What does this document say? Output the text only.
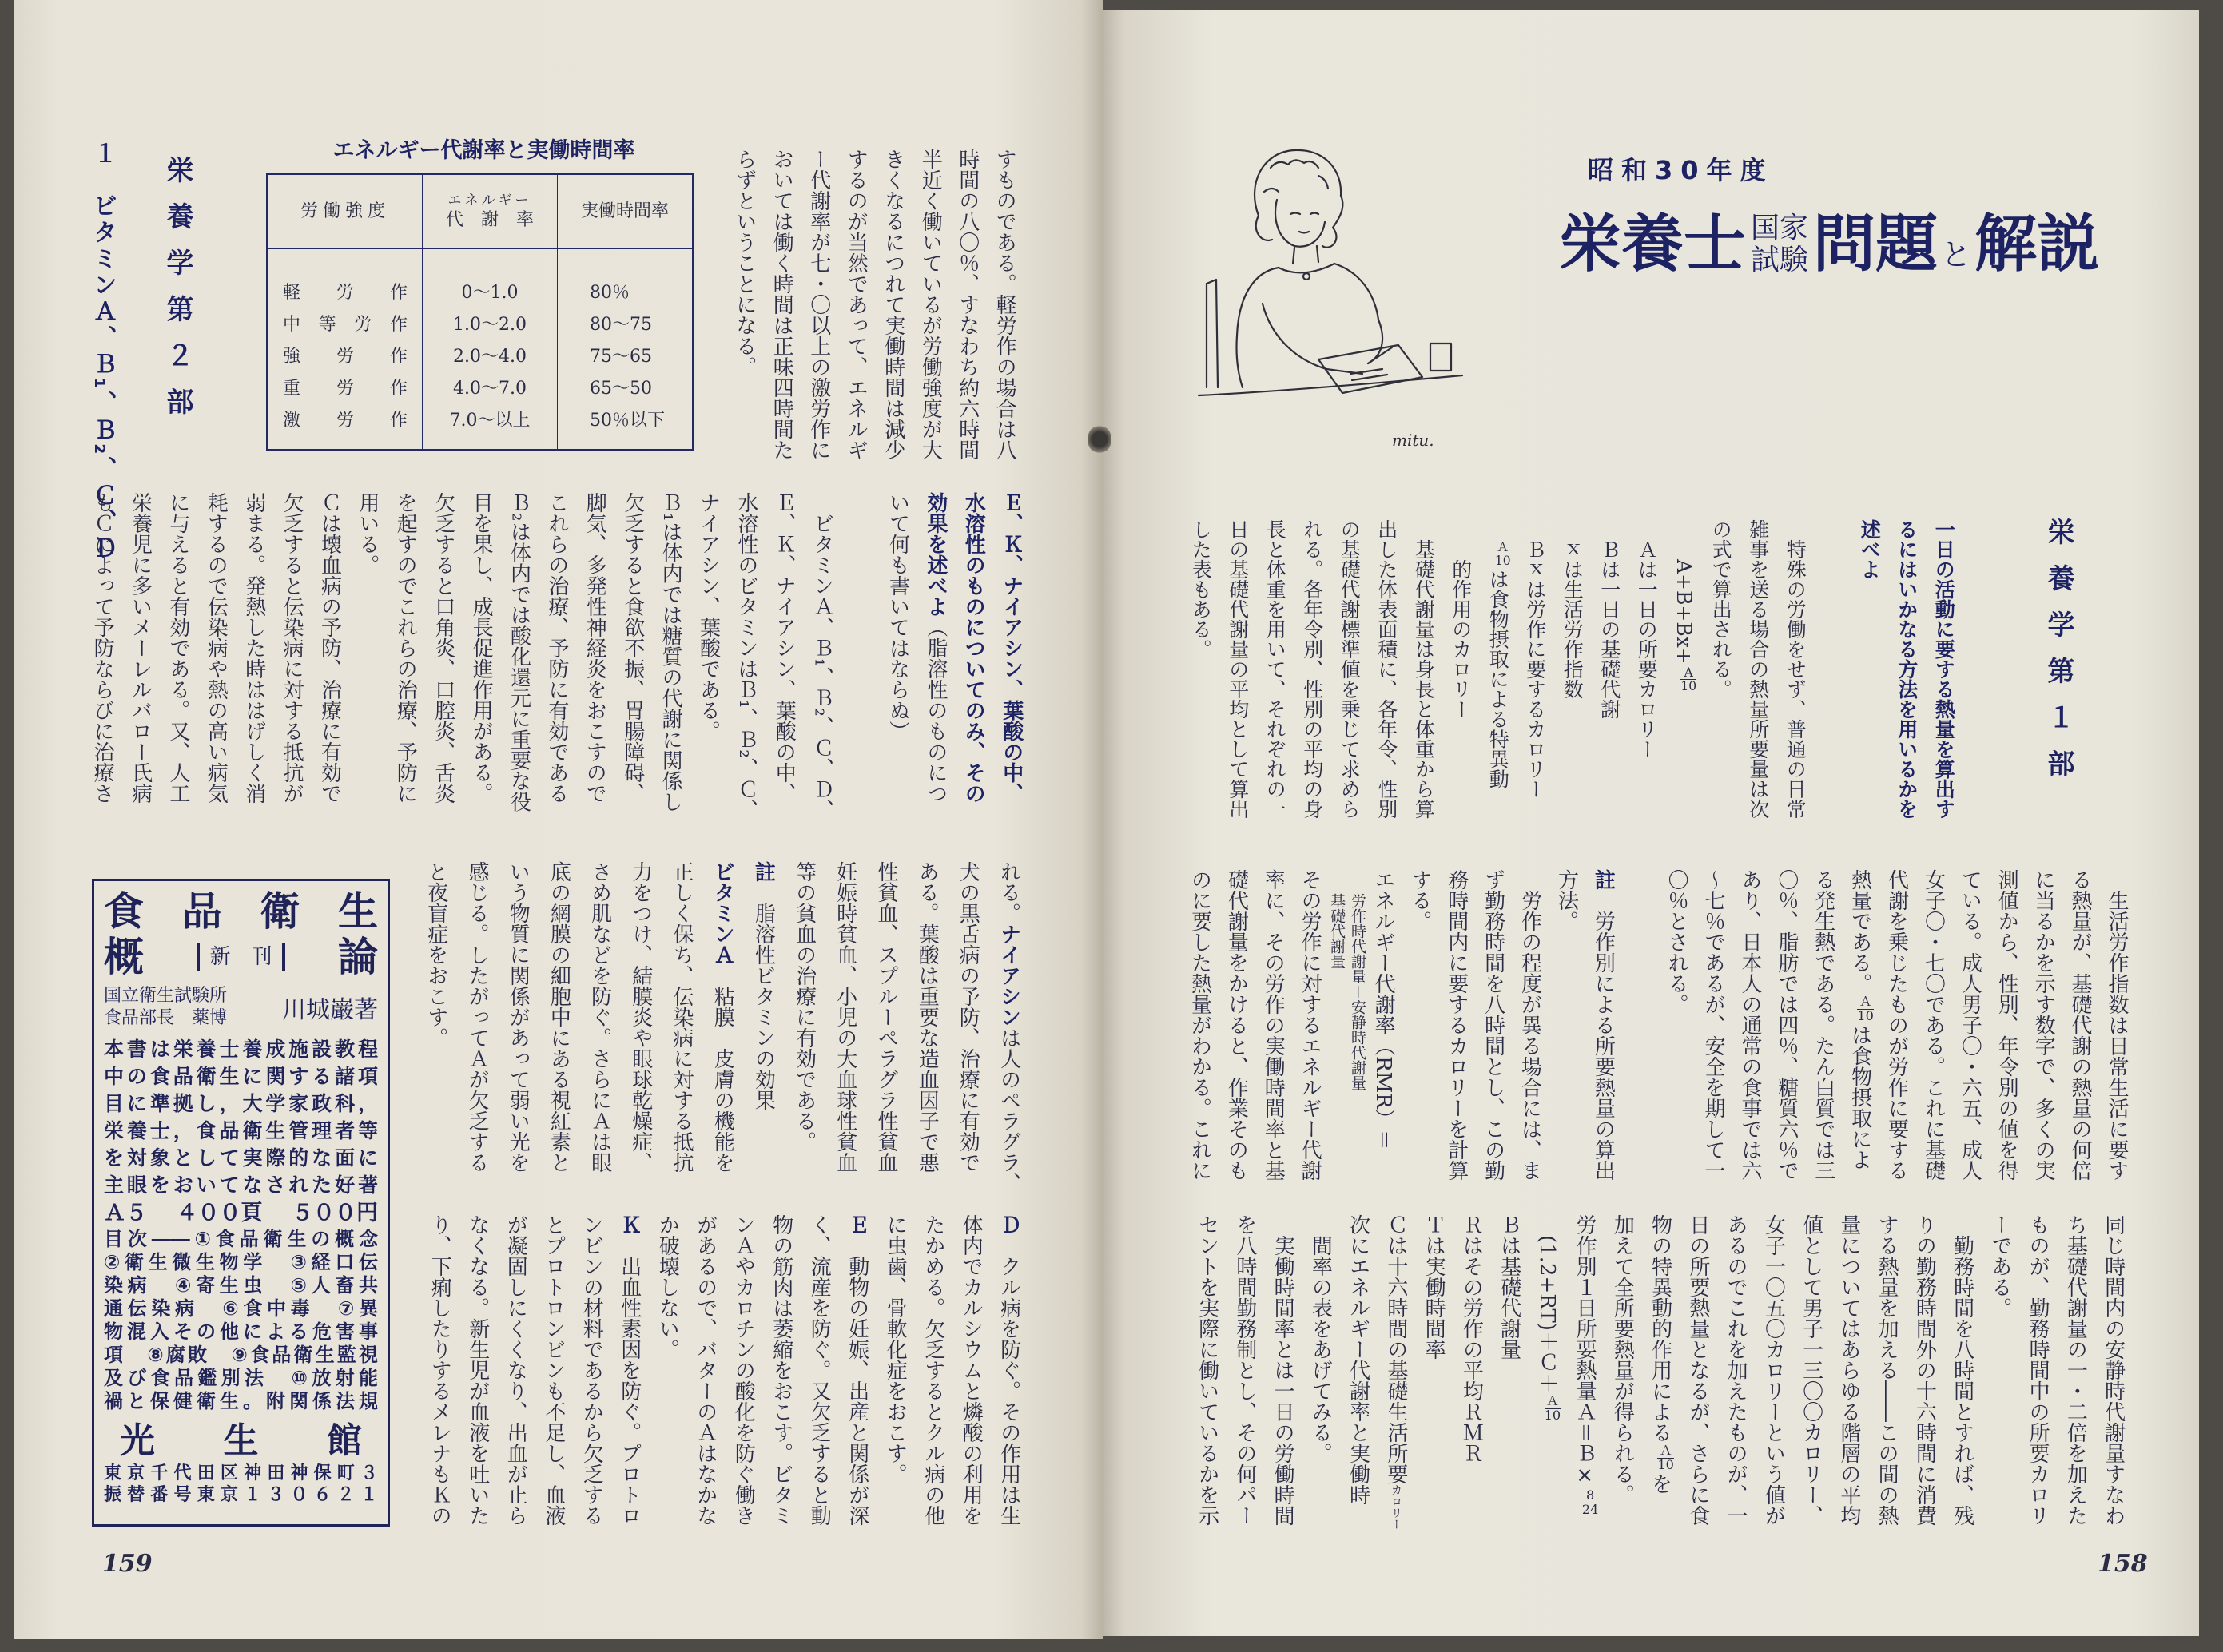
１　ビタミンＡ、Ｂ₁、Ｂ₂、Ｃ、Ｄ 栄養学第２部
エネルギー代謝率と実働時間率
労働強度	エネルギー
代　謝　率	実働時間率
軽労作	0～1.0	80％
中等労作	1.0～2.0	80～75
強労作	2.0～4.0	75～65
重労作	4.0～7.0	65～50
激労作	7.0～以上	50％以下
食品衛生
概	新　刊	論
国立衛生試験所
食品部長　薬博 川城巌著
本書は栄養士養成施設教程
中の食品衛生に関する諸項
目に準拠し，大学家政科，
栄養士，食品衛生管理者等
を対象として実際的な面に
主眼をおいてなされた好著
Ａ５ ４００頁 ５００円
目次――①食品衛生の概念
②衛生微生物学　③経口伝
染病　④寄生虫　⑤人畜共
通伝染病　⑥食中毒　⑦異
物混入その他による危害事
項　⑧腐敗　⑨食品衛生監視
及び食品鑑別法　⑩放射能
禍と保健衛生。附関係法規
光生館
東京千代田区神田神保町３
振替番号東京１３０６２１
159
mitu.
昭和30年度
栄養士 国家
試験 問題 と 解説
栄養学第１部
158
すものである。軽労作の場合は八
時間の八〇％、すなわち約六時間
半近く働いているが労働強度が大
きくなるにつれて実働時間は減少
するのが当然であって、エネルギ
ー代謝率が七・〇以上の激労作に
おいては働く時間は正味四時間た
らずということになる。
Ｅ、Ｋ、ナイアシン、葉酸の中、
水溶性のものについてのみ、その
効果を述べよ（脂溶性のものにつ
いて何も書いてはならぬ）
　ビタミンＡ、Ｂ₁、Ｂ₂、Ｃ、Ｄ、
Ｅ、Ｋ、ナイアシン、葉酸の中、
水溶性のビタミンはＢ₁、Ｂ₂、Ｃ、
ナイアシン、葉酸である。
Ｂ₁は体内では糖質の代謝に関係し
欠乏すると食欲不振、胃腸障碍、
脚気、多発性神経炎をおこすので
これらの治療、予防に有効である
Ｂ₂は体内では酸化還元に重要な役
目を果し、成長促進作用がある。
欠乏すると口角炎、口腔炎、舌炎
を起すのでこれらの治療、予防に
用いる。
Ｃは壊血病の予防、治療に有効で
欠乏すると伝染病に対する抵抗が
弱まる。発熱した時ははげしく消
耗するので伝染病や熱の高い病気
に与えると有効である。又、人工
栄養児に多いメーレルバロー氏病
もＣによって予防ならびに治療さ
れる。ナイアシンは人のペラグラ、
犬の黒舌病の予防、治療に有効で
ある。葉酸は重要な造血因子で悪
性貧血、スプルーペラグラ性貧血
妊娠時貧血、小児の大血球性貧血
等の貧血の治療に有効である。
註　脂溶性ビタミンの効果
ビタミンＡ　粘膜　皮膚の機能を
正しく保ち、伝染病に対する抵抗
力をつけ、結膜炎や眼球乾燥症、
さめ肌などを防ぐ。さらにＡは眼
底の網膜の細胞中にある視紅素と
いう物質に関係があって弱い光を
感じる。したがってＡが欠乏する
と夜盲症をおこす。
Ｄ　クル病を防ぐ。その作用は生
体内でカルシウムと燐酸の利用を
たかめる。欠乏するとクル病の他
に虫歯、骨軟化症をおこす。
Ｅ　動物の妊娠、出産と関係が深
く、流産を防ぐ。又欠乏すると動
物の筋肉は萎縮をおこす。ビタミ
ンＡやカロチンの酸化を防ぐ働き
があるので、バターのＡはなかな
か破壊しない。
Ｋ　出血性素因を防ぐ。プロトロ
ンビンの材料であるから欠乏する
とプロトロンビンも不足し、血液
が凝固しにくくなり、出血が止ら
なくなる。新生児が血液を吐いた
り、下痢したりするメレナもＫの
一日の活動に要する熱量を算出す
るにはいかなる方法を用いるかを
述べよ
　特殊の労働をせず、普通の日常
雑事を送る場合の熱量所要量は次
の式で算出される。
　　A+B+Bx+
$\frac{A}{10}$
　Ａは一日の所要カロリー
　Ｂは一日の基礎代謝
　ｘは生活労作指数
　Ｂｘは労作に要するカロリー

$\frac{\text{Ａ}}{10}$
は食物摂取による特異動
　　的作用のカロリー
　基礎代謝量は身長と体重から算
出した体表面積に、各年令、性別
の基礎代謝標準値を乗じて求めら
れる。各年令別、性別の平均の身
長と体重を用いて、それぞれの一
日の基礎代謝量の平均として算出
した表もある。
　生活労作指数は日常生活に要す
る熱量が、基礎代謝の熱量の何倍
に当るかを示す数字で、多くの実
測値から、性別、年令別の値を得
ている。成人男子〇・六五、成人
女子〇・七〇である。これに基礎
代謝を乗じたものが労作に要する
熱量である。
$\frac{\text{Ａ}}{10}$
は食物摂取によ
る発生熱である。たん白質では三
〇％、脂肪では四％、糖質六％で
あり、日本人の通常の食事では六
〜七％であるが、安全を期して一
〇％とされる。
註　労作別による所要熱量の算出
方法。
　労作の程度が異る場合には、ま
ず勤務時間を八時間とし、この勤
務時間内に要するカロリーを計算
する。
エネルギー代謝率（RMR）＝
労作時代謝量－安静時代謝量
基礎代謝量
その労作に対するエネルギー代謝
率に、その労作の実働時間率と基
礎代謝量をかけると、作業そのも
のに要した熱量がわかる。これに
同じ時間内の安静時代謝量すなわ
ち基礎代謝量の一・二倍を加えた
ものが、勤務時間中の所要カロリ
ーである。
　勤務時間を八時間とすれば、残
りの勤務時間外の十六時間に消費
する熱量を加える――この間の熱
量についてはあらゆる階層の平均
値として男子一三〇〇カロリー、
女子一〇五〇カロリーという値が
あるのでこれを加えたものが、一
日の所要熱量となるが、さらに食
物の特異動的作用による
$\frac{\text{Ａ}}{10}$
を
加えて全所要熱量が得られる。
労作別１日所要熱量Ａ＝Ｂ×
$\frac{8}{24}$
　(1.2+RT)＋Ｃ＋
$\frac{\text{Ａ}}{10}$
Ｂは基礎代謝量
Ｒはその労作の平均ＲＭＲ
Ｔは実働時間率
Ｃは十六時間の基礎生活所要カロリー
次にエネルギー代謝率と実働時
　間率の表をあげてみる。
　実働時間率とは一日の労働時間
を八時間勤務制とし、その何パー
セントを実際に働いているかを示
